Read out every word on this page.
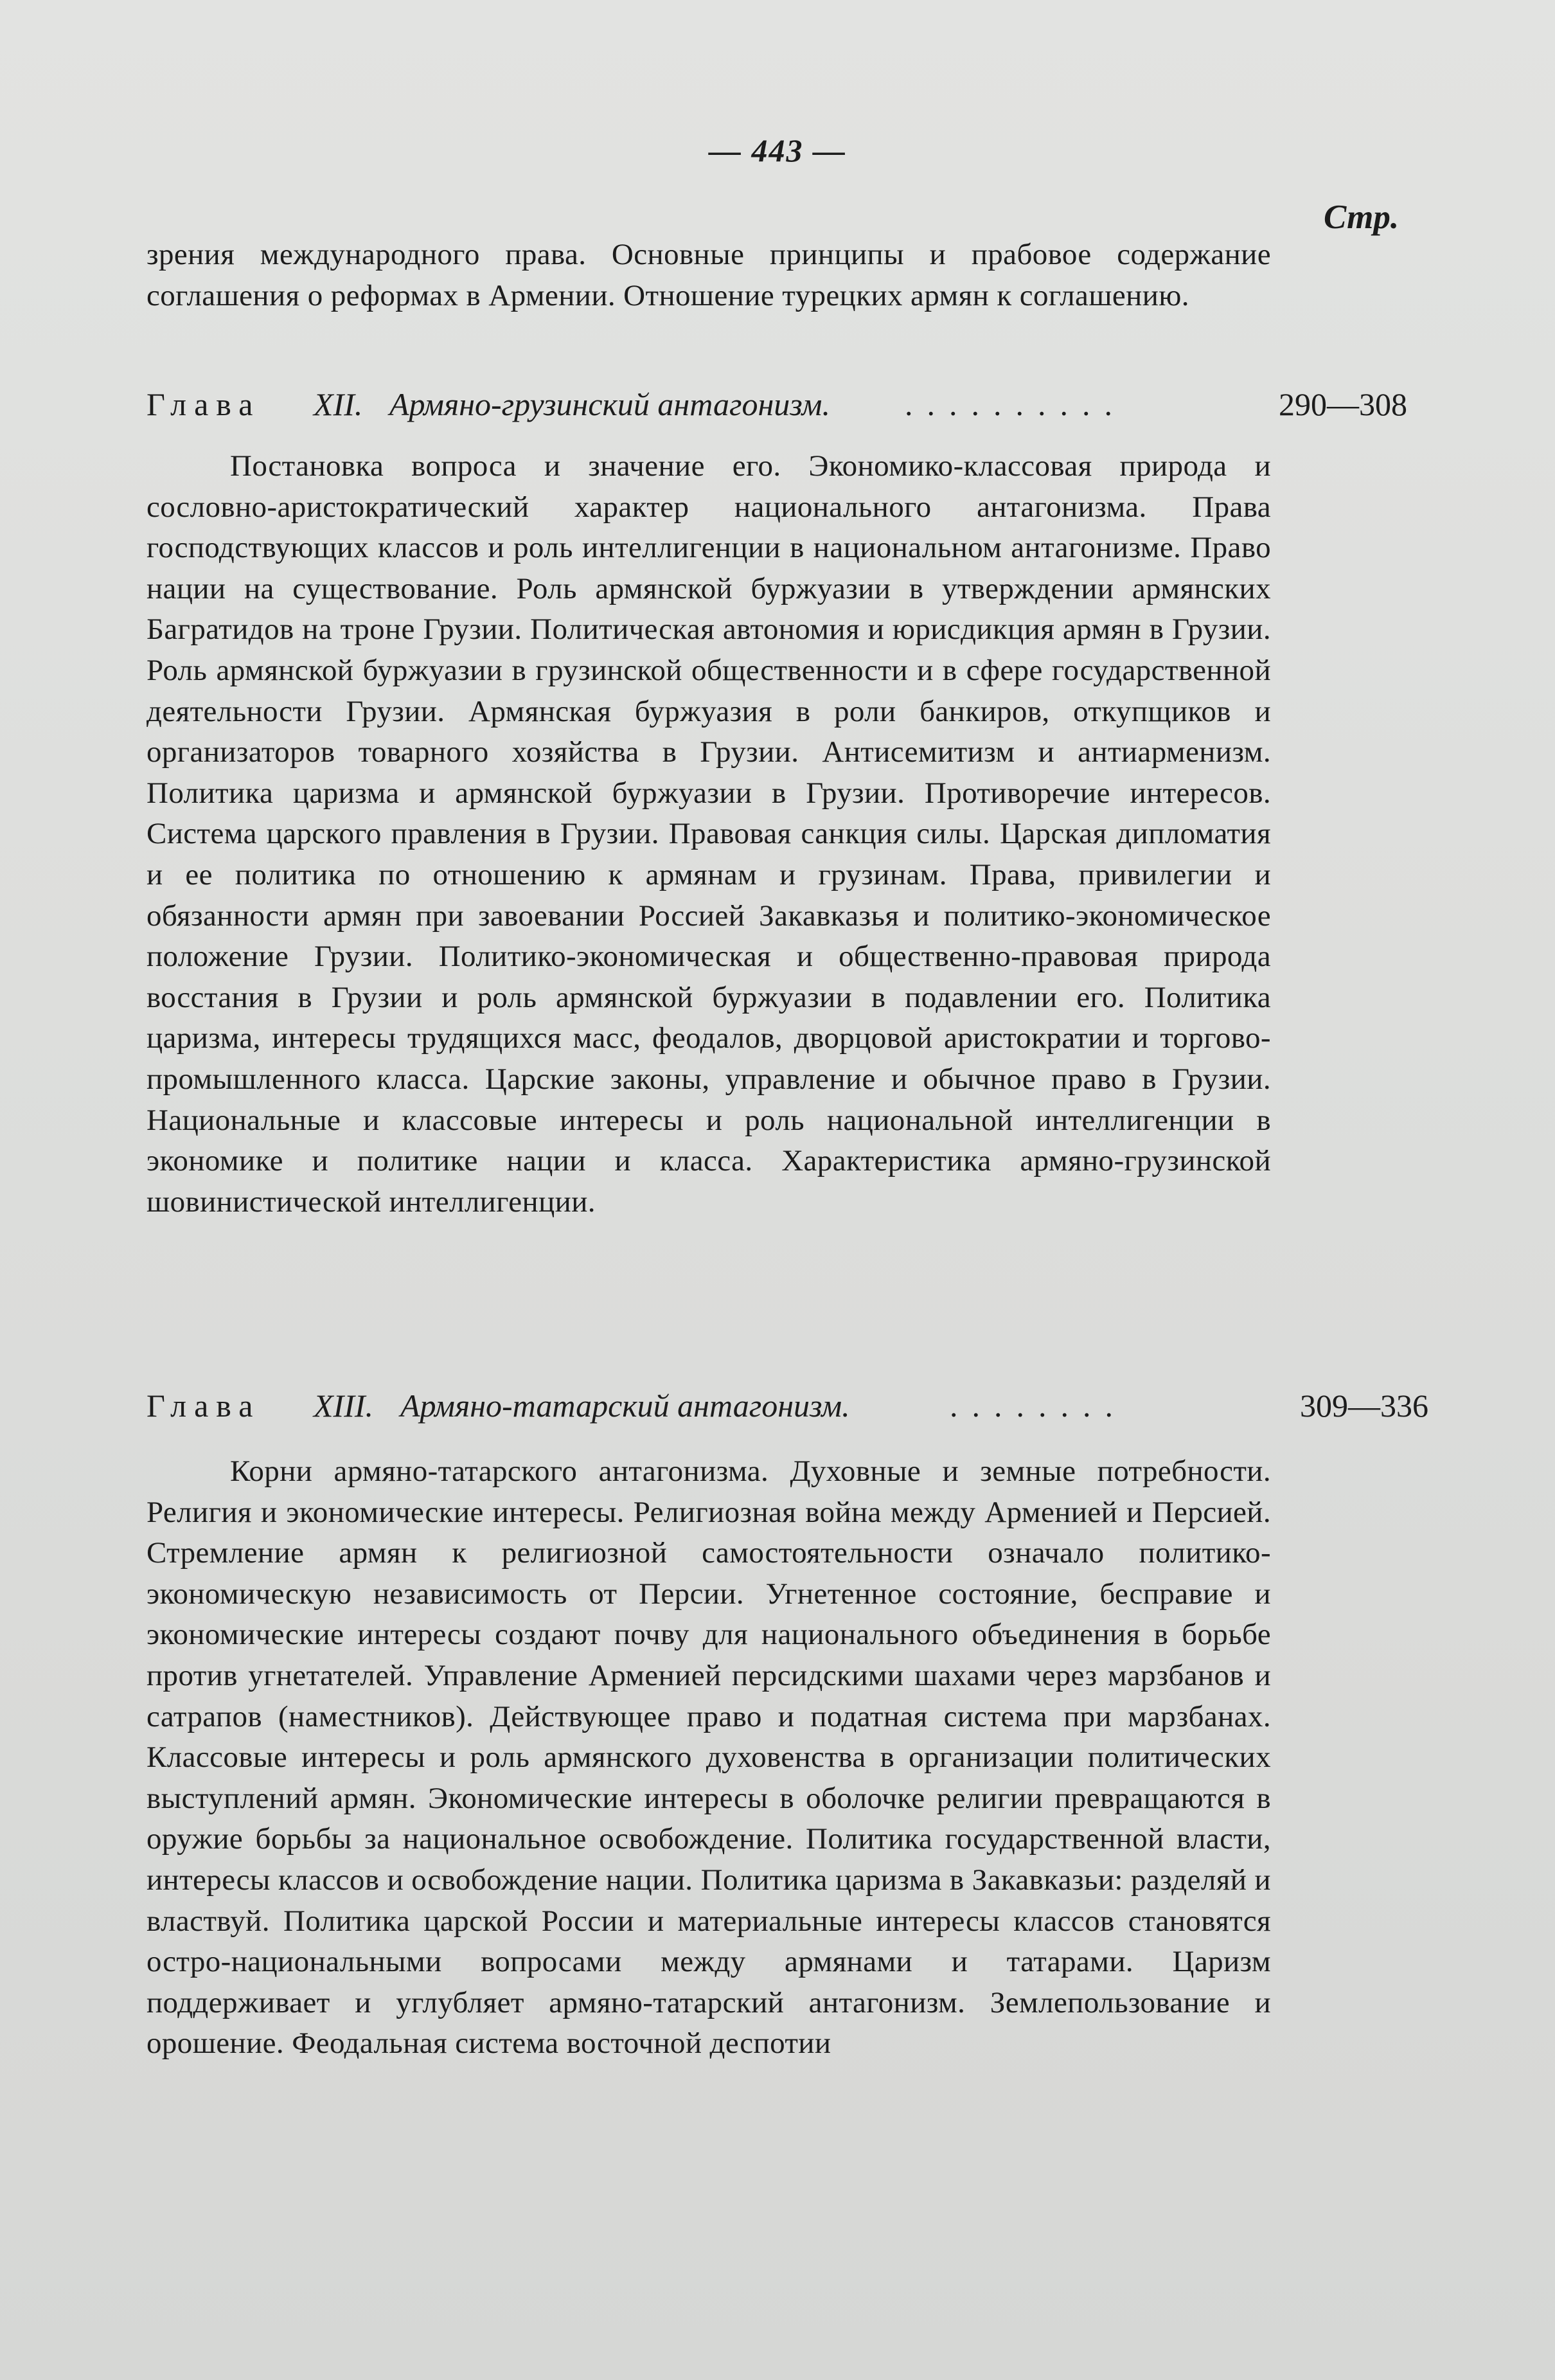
— 443 —
Стр.
зрения международного права. Основные принципы и прабовое содержание соглашения о реформах в Армении. Отношение турецких армян к соглашению.
Глава XII. Армяно-грузинский антагонизм. ..........	290—308
Постановка вопроса и значение его. Экономико-классовая природа и сословно-аристократический характер национального антагонизма. Права господствующих классов и роль интеллигенции в национальном антагонизме. Право нации на существование. Роль армянской буржуазии в утверждении армянских Багратидов на троне Грузии. Политическая автономия и юрисдикция армян в Грузии. Роль армянской буржуазии в грузинской общественности и в сфере государственной деятельности Грузии. Армянская буржуазия в роли банкиров, откупщиков и организаторов товарного хозяйства в Грузии. Антисемитизм и антиарменизм. Политика царизма и армянской буржуазии в Грузии. Противоречие интересов. Система царского правления в Грузии. Правовая санкция силы. Царская дипломатия и ее политика по отношению к армянам и грузинам. Права, привилегии и обязанности армян при завоевании Россией Закавказья и политико-экономическое положение Грузии. Политико-экономическая и общественно-правовая природа восстания в Грузии и роль армянской буржуазии в подавлении его. Политика царизма, интересы трудящихся масс, феодалов, дворцовой аристократии и торгово-промышленного класса. Царские законы, управление и обычное право в Грузии. Национальные и классовые интересы и роль национальной интеллигенции в экономике и политике нации и класса. Характеристика армяно-грузинской шовинистической интеллигенции.
Глава XIII. Армяно-татарский антагонизм.	........	309—336
Корни армяно-татарского антагонизма. Духовные и земные потребности. Религия и экономические интересы. Религиозная война между Арменией и Персией. Стремление армян к религиозной самостоятельности означало политико-экономическую независимость от Персии. Угнетенное состояние, бесправие и экономические интересы создают почву для национального объединения в борьбе против угнетателей. Управление Арменией персидскими шахами через марзбанов и сатрапов (наместников). Действующее право и податная система при марзбанах. Классовые интересы и роль армянского духовенства в организации политических выступлений армян. Экономические интересы в оболочке религии превращаются в оружие борьбы за национальное освобождение. Политика государственной власти, интересы классов и освобождение нации. Политика царизма в Закавказьи: разделяй и властвуй. Политика царской России и материальные интересы классов становятся остро-национальными вопросами между армянами и татарами. Царизм поддерживает и углубляет армяно-татарский антагонизм. Землепользование и орошение. Феодальная система восточной деспотии
